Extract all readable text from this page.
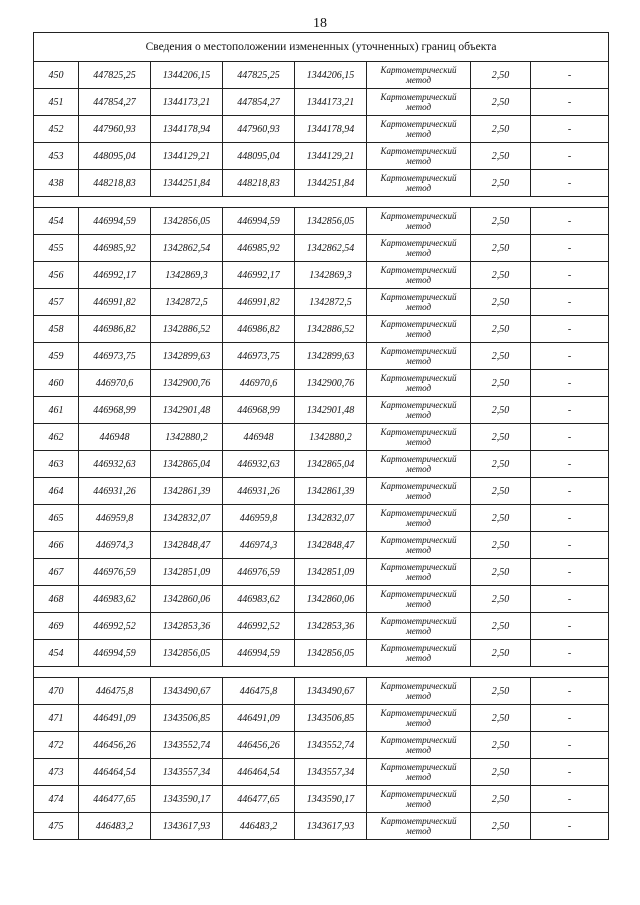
18
Сведения о местоположении измененных (уточненных) границ объекта							
450	447825,25	1344206,15	447825,25	1344206,15	Картометрический метод	2,50	-
451	447854,27	1344173,21	447854,27	1344173,21	Картометрический метод	2,50	-
452	447960,93	1344178,94	447960,93	1344178,94	Картометрический метод	2,50	-
453	448095,04	1344129,21	448095,04	1344129,21	Картометрический метод	2,50	-
438	448218,83	1344251,84	448218,83	1344251,84	Картометрический метод	2,50	-

454	446994,59	1342856,05	446994,59	1342856,05	Картометрический метод	2,50	-
455	446985,92	1342862,54	446985,92	1342862,54	Картометрический метод	2,50	-
456	446992,17	1342869,3	446992,17	1342869,3	Картометрический метод	2,50	-
457	446991,82	1342872,5	446991,82	1342872,5	Картометрический метод	2,50	-
458	446986,82	1342886,52	446986,82	1342886,52	Картометрический метод	2,50	-
459	446973,75	1342899,63	446973,75	1342899,63	Картометрический метод	2,50	-
460	446970,6	1342900,76	446970,6	1342900,76	Картометрический метод	2,50	-
461	446968,99	1342901,48	446968,99	1342901,48	Картометрический метод	2,50	-
462	446948	1342880,2	446948	1342880,2	Картометрический метод	2,50	-
463	446932,63	1342865,04	446932,63	1342865,04	Картометрический метод	2,50	-
464	446931,26	1342861,39	446931,26	1342861,39	Картометрический метод	2,50	-
465	446959,8	1342832,07	446959,8	1342832,07	Картометрический метод	2,50	-
466	446974,3	1342848,47	446974,3	1342848,47	Картометрический метод	2,50	-
467	446976,59	1342851,09	446976,59	1342851,09	Картометрический метод	2,50	-
468	446983,62	1342860,06	446983,62	1342860,06	Картометрический метод	2,50	-
469	446992,52	1342853,36	446992,52	1342853,36	Картометрический метод	2,50	-
454	446994,59	1342856,05	446994,59	1342856,05	Картометрический метод	2,50	-

470	446475,8	1343490,67	446475,8	1343490,67	Картометрический метод	2,50	-
471	446491,09	1343506,85	446491,09	1343506,85	Картометрический метод	2,50	-
472	446456,26	1343552,74	446456,26	1343552,74	Картометрический метод	2,50	-
473	446464,54	1343557,34	446464,54	1343557,34	Картометрический метод	2,50	-
474	446477,65	1343590,17	446477,65	1343590,17	Картометрический метод	2,50	-
475	446483,2	1343617,93	446483,2	1343617,93	Картометрический метод	2,50	-
